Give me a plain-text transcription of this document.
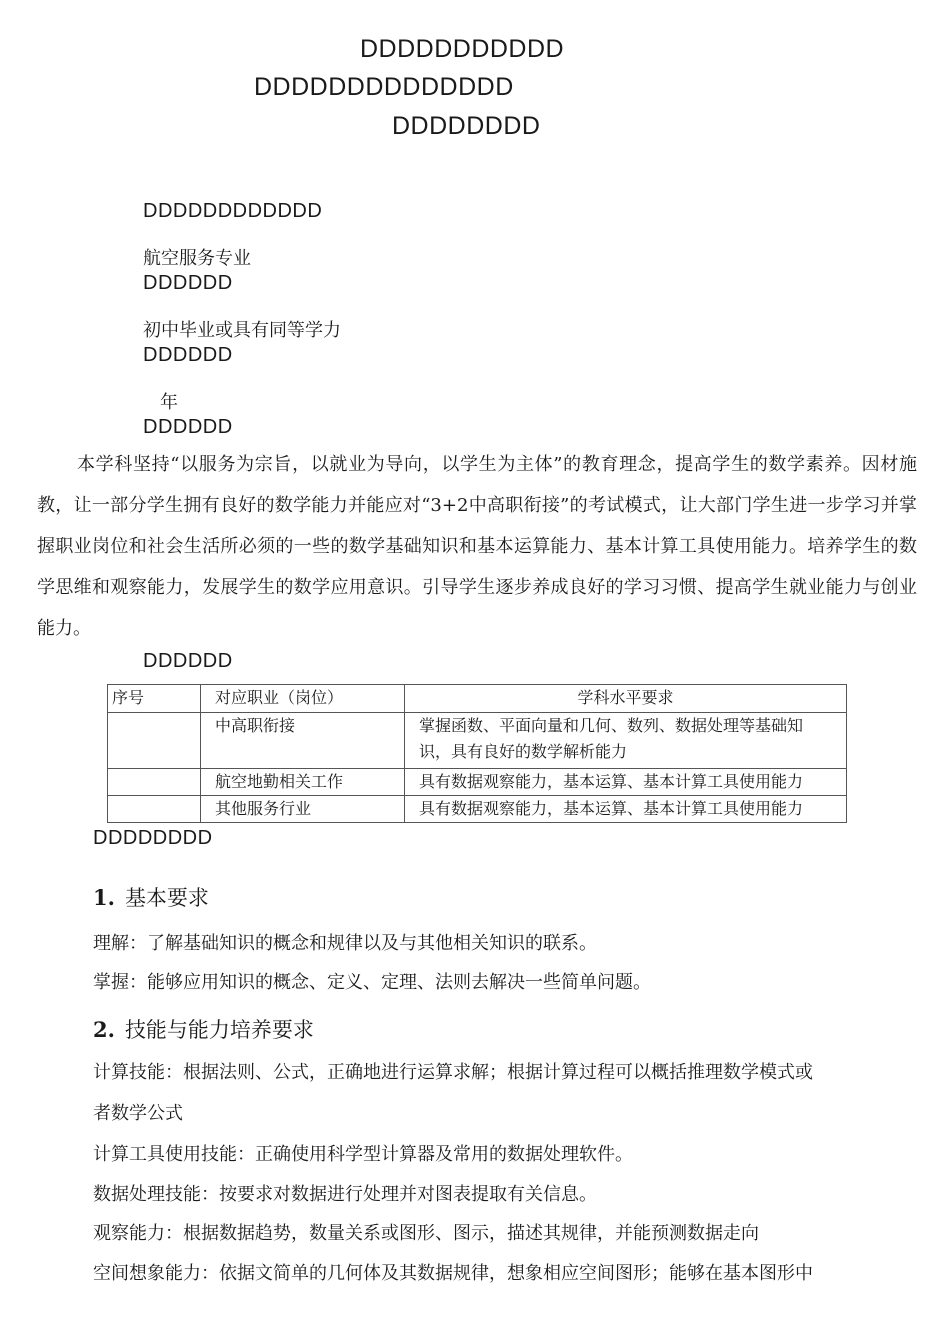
DDDDDDDDDDD
DDDDDDDDDDDDDD
DDDDDDDD
DDDDDDDDDDDD
航空服务专业
DDDDDD
初中毕业或具有同等学力
DDDDDD
年
DDDDDD
本学科坚持“以服务为宗旨，以就业为导向，以学生为主体”的教育理念，提高学生的数学素养。因材施教，让一部分学生拥有良好的数学能力并能应对“3+2中高职衔接”的考试模式，让大部门学生进一步学习并掌握职业岗位和社会生活所必须的一些的数学基础知识和基本运算能力、基本计算工具使用能力。培养学生的数学思维和观察能力，发展学生的数学应用意识。引导学生逐步养成良好的学习习惯、提高学生就业能力与创业能力。
DDDDDD
序号	对应职业（岗位）	学科水平要求

	中高职衔接	掌握函数、平面向量和几何、数列、数据处理等基础知识，具有良好的数学解析能力

	航空地勤相关工作	具有数据观察能力，基本运算、基本计算工具使用能力

	其他服务行业	具有数据观察能力，基本运算、基本计算工具使用能力
DDDDDDDD
1. 基本要求
理解：了解基础知识的概念和规律以及与其他相关知识的联系。
掌握：能够应用知识的概念、定义、定理、法则去解决一些简单问题。
2. 技能与能力培养要求
计算技能：根据法则、公式，正确地进行运算求解；根据计算过程可以概括推理数学模式或
者数学公式
计算工具使用技能：正确使用科学型计算器及常用的数据处理软件。
数据处理技能：按要求对数据进行处理并对图表提取有关信息。
观察能力：根据数据趋势，数量关系或图形、图示，描述其规律，并能预测数据走向
空间想象能力：依据文简单的几何体及其数据规律，想象相应空间图形；能够在基本图形中
